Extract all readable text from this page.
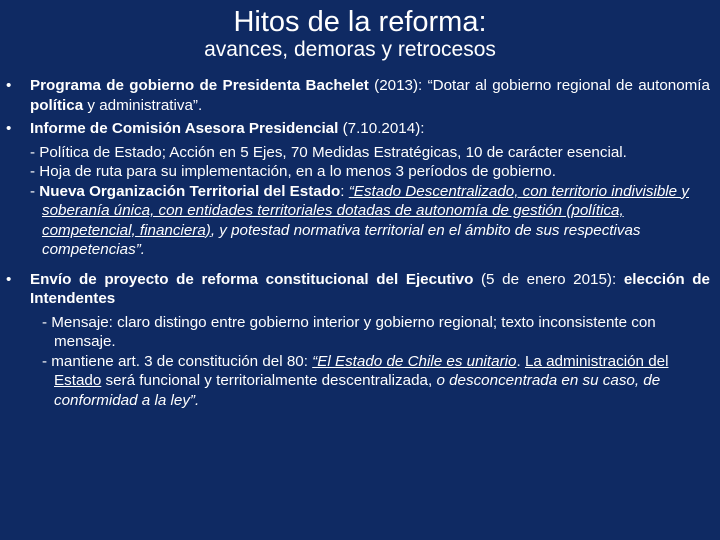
Hitos de la reforma:
avances, demoras y retrocesos
• Programa de gobierno de Presidenta Bachelet (2013): “Dotar al gobierno regional de autonomía política y administrativa”.
• Informe de Comisión Asesora Presidencial (7.10.2014):
- Política de Estado; Acción en 5 Ejes, 70 Medidas Estratégicas, 10 de carácter esencial.
- Hoja de ruta para su implementación, en a lo menos 3 períodos de gobierno.
- Nueva Organización Territorial del Estado: “Estado Descentralizado, con territorio indivisible y soberanía única, con entidades territoriales dotadas de autonomía de gestión (política, competencial, financiera), y potestad normativa territorial en el ámbito de sus respectivas competencias”.
• Envío de proyecto de reforma constitucional del Ejecutivo (5 de enero 2015): elección de Intendentes
- Mensaje: claro distingo entre gobierno interior y gobierno regional; texto inconsistente con mensaje.
- mantiene art. 3 de constitución del 80: “El Estado de Chile es unitario. La administración del Estado será funcional y territorialmente descentralizada, o desconcentrada en su caso, de conformidad a la ley”.
